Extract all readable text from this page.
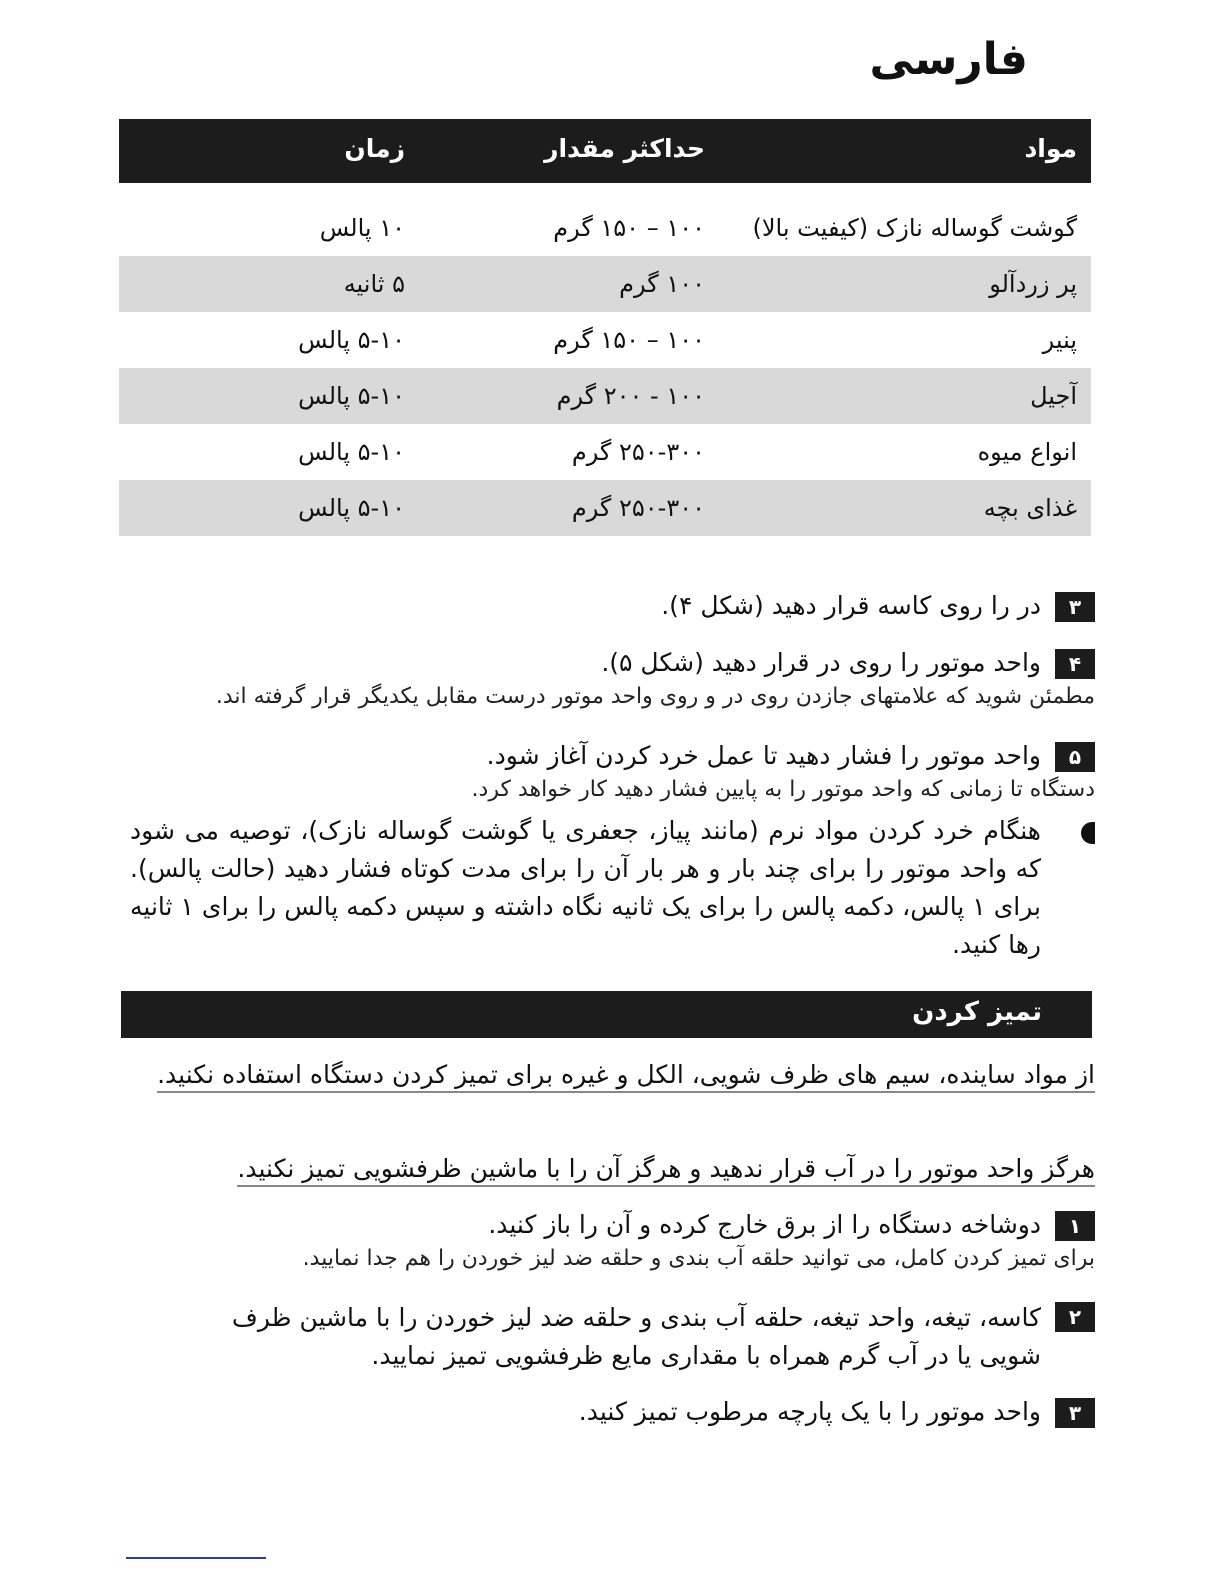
فارسی
مواد
حداکثر مقدار
زمان
گوشت گوساله نازک (کیفیت بالا)
۱۰۰ – ۱۵۰ گرم
۱۰ پالس
پر زردآلو
۱۰۰ گرم
۵ ثانیه
پنیر
۱۰۰ – ۱۵۰ گرم
۵-۱۰ پالس
آجیل
۱۰۰ - ۲۰۰ گرم
۵-۱۰ پالس
انواع میوه
۲۵۰-۳۰۰ گرم
۵-۱۰ پالس
غذای بچه
۲۵۰-۳۰۰ گرم
۵-۱۰ پالس
۳در را روی کاسه قرار دهید (شکل ۴).
۴واحد موتور را روی در قرار دهید (شکل ۵).
مطمئن شوید که علامتهای جازدن روی در و روی واحد موتور درست مقابل یکدیگر قرار گرفته اند.
۵واحد موتور را فشار دهید تا عمل خرد کردن آغاز شود.
دستگاه تا زمانی که واحد موتور را به پایین فشار دهید کار خواهد کرد.
هنگام خرد کردن مواد نرم (مانند پیاز، جعفری یا گوشت گوساله نازک)، توصیه می شود که واحد موتور را برای چند بار و هر بار آن را برای مدت کوتاه فشار دهید (حالت پالس). برای ۱ پالس، دکمه پالس را برای یک ثانیه نگاه داشته و سپس دکمه پالس را برای ۱ ثانیه رها کنید.
تمیز کردن
از مواد ساینده، سیم های ظرف شویی، الکل و غیره برای تمیز کردن دستگاه استفاده نکنید.
هرگز واحد موتور را در آب قرار ندهید و هرگز آن را با ماشین ظرفشویی تمیز نکنید.
۱دوشاخه دستگاه را از برق خارج کرده و آن را باز کنید.
برای تمیز کردن کامل، می توانید حلقه آب بندی و حلقه ضد لیز خوردن را هم جدا نمایید.
۲
کاسه، تیغه، واحد تیغه، حلقه آب بندی و حلقه ضد لیز خوردن را با ماشین ظرف شویی یا در آب گرم همراه با مقداری مایع ظرفشویی تمیز نمایید.
۳واحد موتور را با یک پارچه مرطوب تمیز کنید.
